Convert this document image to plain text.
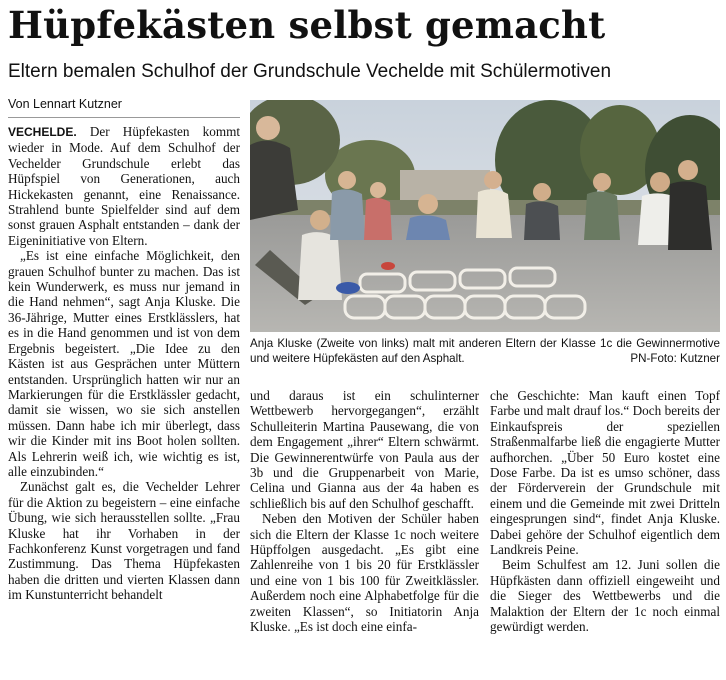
Hüpfekästen selbst gemacht
Eltern bemalen Schulhof der Grundschule Vechelde mit Schülermotiven
Von Lennart Kutzner

VECHELDE. Der Hüpfekasten kommt wieder in Mode. Auf dem Schulhof der Vechelder Grundschule erlebt das Hüpfspiel von Generationen, auch Hickekasten genannt, eine Renaissance. Strahlend bunte Spielfelder sind auf dem sonst grauen Asphalt entstanden – dank der Eigeninitiative von Eltern.

„Es ist eine einfache Möglichkeit, den grauen Schulhof bunter zu machen. Das ist kein Wunderwerk, es muss nur jemand in die Hand nehmen“, sagt Anja Kluske. Die 36-Jährige, Mutter eines Erstklässlers, hat es in die Hand genommen und ist von dem Ergebnis begeistert. „Die Idee zu den Kästen ist aus Gesprächen unter Müttern entstanden. Ursprünglich hatten wir nur an Markierungen für die Erstklässler gedacht, damit sie wissen, wo sie sich anstellen müssen. Dann habe ich mir überlegt, dass wir die Kinder mit ins Boot holen sollten. Als Lehrerin weiß ich, wie wichtig es ist, alle einzubinden.“

Zunächst galt es, die Vechelder Lehrer für die Aktion zu begeistern – eine einfache Übung, wie sich herausstellen sollte. „Frau Kluske hat ihr Vorhaben in der Fachkonferenz Kunst vorgetragen und fand Zustimmung. Das Thema Hüpfekasten haben die dritten und vierten Klassen dann im Kunstunterricht behandelt

Anja Kluske (Zweite von links) malt mit anderen Eltern der Klasse 1c die Gewinnermotive und weitere Hüpfekästen auf den Asphalt.	PN-Foto: Kutzner

und daraus ist ein schulinterner Wettbewerb hervorgegangen“, erzählt Schulleiterin Martina Pausewang, die von dem Engagement „ihrer“ Eltern schwärmt. Die Gewinnerentwürfe von Paula aus der 3b und die Gruppenarbeit von Marie, Celina und Gianna aus der 4a haben es schließlich bis auf den Schulhof geschafft.

Neben den Motiven der Schüler haben sich die Eltern der Klasse 1c noch weitere Hüpffolgen ausgedacht. „Es gibt eine Zahlenreihe von 1 bis 20 für Erstklässler und eine von 1 bis 100 für Zweitklässler. Außerdem noch eine Alphabetfolge für die zweiten Klassen“, so Initiatorin Anja Kluske. „Es ist doch eine einfa-

che Geschichte: Man kauft einen Topf Farbe und malt drauf los.“ Doch bereits der Einkaufspreis der speziellen Straßenmalfarbe ließ die engagierte Mutter aufhorchen. „Über 50 Euro kostet eine Dose Farbe. Da ist es umso schöner, dass der Förderverein der Grundschule mit einem und die Gemeinde mit zwei Dritteln eingesprungen sind“, findet Anja Kluske. Dabei gehöre der Schulhof eigentlich dem Landkreis Peine.

Beim Schulfest am 12. Juni sollen die Hüpfkästen dann offiziell eingeweiht und die Sieger des Wettbewerbs und die Malaktion der Eltern der 1c noch einmal gewürdigt werden.
